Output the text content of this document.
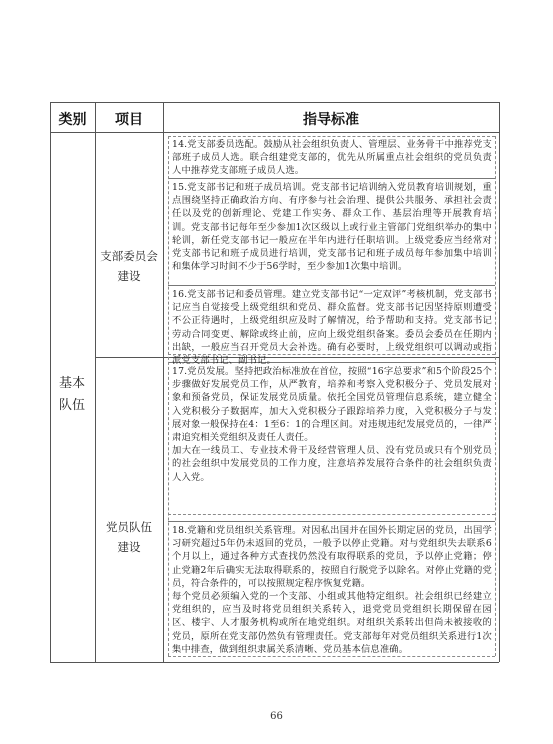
类别	项目	指导标准
基本
队伍
支部委员会
建设
党员队伍
建设

14.党支部委员选配。鼓励从社会组织负责人、管理层、业务骨干中推荐党支部班子成员人选。联合组建党支部的，优先从所属重点社会组织的党员负责人中推荐党支部班子成员人选。

15.党支部书记和班子成员培训。党支部书记培训纳入党员教育培训规划，重点围绕坚持正确政治方向、有序参与社会治理、提供公共服务、承担社会责任以及党的创新理论、党建工作实务、群众工作、基层治理等开展教育培训。党支部书记每年至少参加1次区级以上或行业主管部门党组织举办的集中轮训，新任党支部书记一般应在半年内进行任职培训。上级党委应当经常对党支部书记和班子成员进行培训，党支部书记和班子成员每年参加集中培训和集体学习时间不少于56学时，至少参加1次集中培训。

16.党支部书记和委员管理。建立党支部书记“一定双评”考核机制，党支部书记应当自觉接受上级党组织和党员、群众监督。党支部书记因坚持原则遭受不公正待遇时，上级党组织应及时了解情况，给予帮助和支持。党支部书记劳动合同变更、解除或终止前，应向上级党组织备案。委员会委员在任期内出缺，一般应当召开党员大会补选。确有必要时，上级党组织可以调动或指派党支部书记、副书记。

17.党员发展。坚持把政治标准放在首位，按照“16字总要求”和5个阶段25个步骤做好发展党员工作，从严教育，培养和考察入党积极分子、党员发展对象和预备党员，保证发展党员质量。依托全国党员管理信息系统，建立健全入党积极分子数据库，加大入党积极分子跟踪培养力度，入党积极分子与发展对象一般保持在4：1至6：1的合理区间。对违规违纪发展党员的，一律严肃追究相关党组织及责任人责任。

加大在一线员工、专业技术骨干及经营管理人员、没有党员或只有个别党员的社会组织中发展党员的工作力度，注意培养发展符合条件的社会组织负责人入党。

18.党籍和党员组织关系管理。对因私出国并在国外长期定居的党员，出国学习研究超过5年仍未返回的党员，一般予以停止党籍。对与党组织失去联系6个月以上，通过各种方式查找仍然没有取得联系的党员，予以停止党籍；停止党籍2年后确实无法取得联系的，按照自行脱党予以除名。对停止党籍的党员，符合条件的，可以按照规定程序恢复党籍。

每个党员必须编入党的一个支部、小组或其他特定组织。社会组织已经建立党组织的，应当及时将党员组织关系转入，退党党员党组织长期保留在园区、楼宇、人才服务机构或所在地党组织。对组织关系转出但尚未被接收的党员，原所在党支部仍然负有管理责任。党支部每年对党员组织关系进行1次集中排查，做到组织隶属关系清晰、党员基本信息准确。

66
